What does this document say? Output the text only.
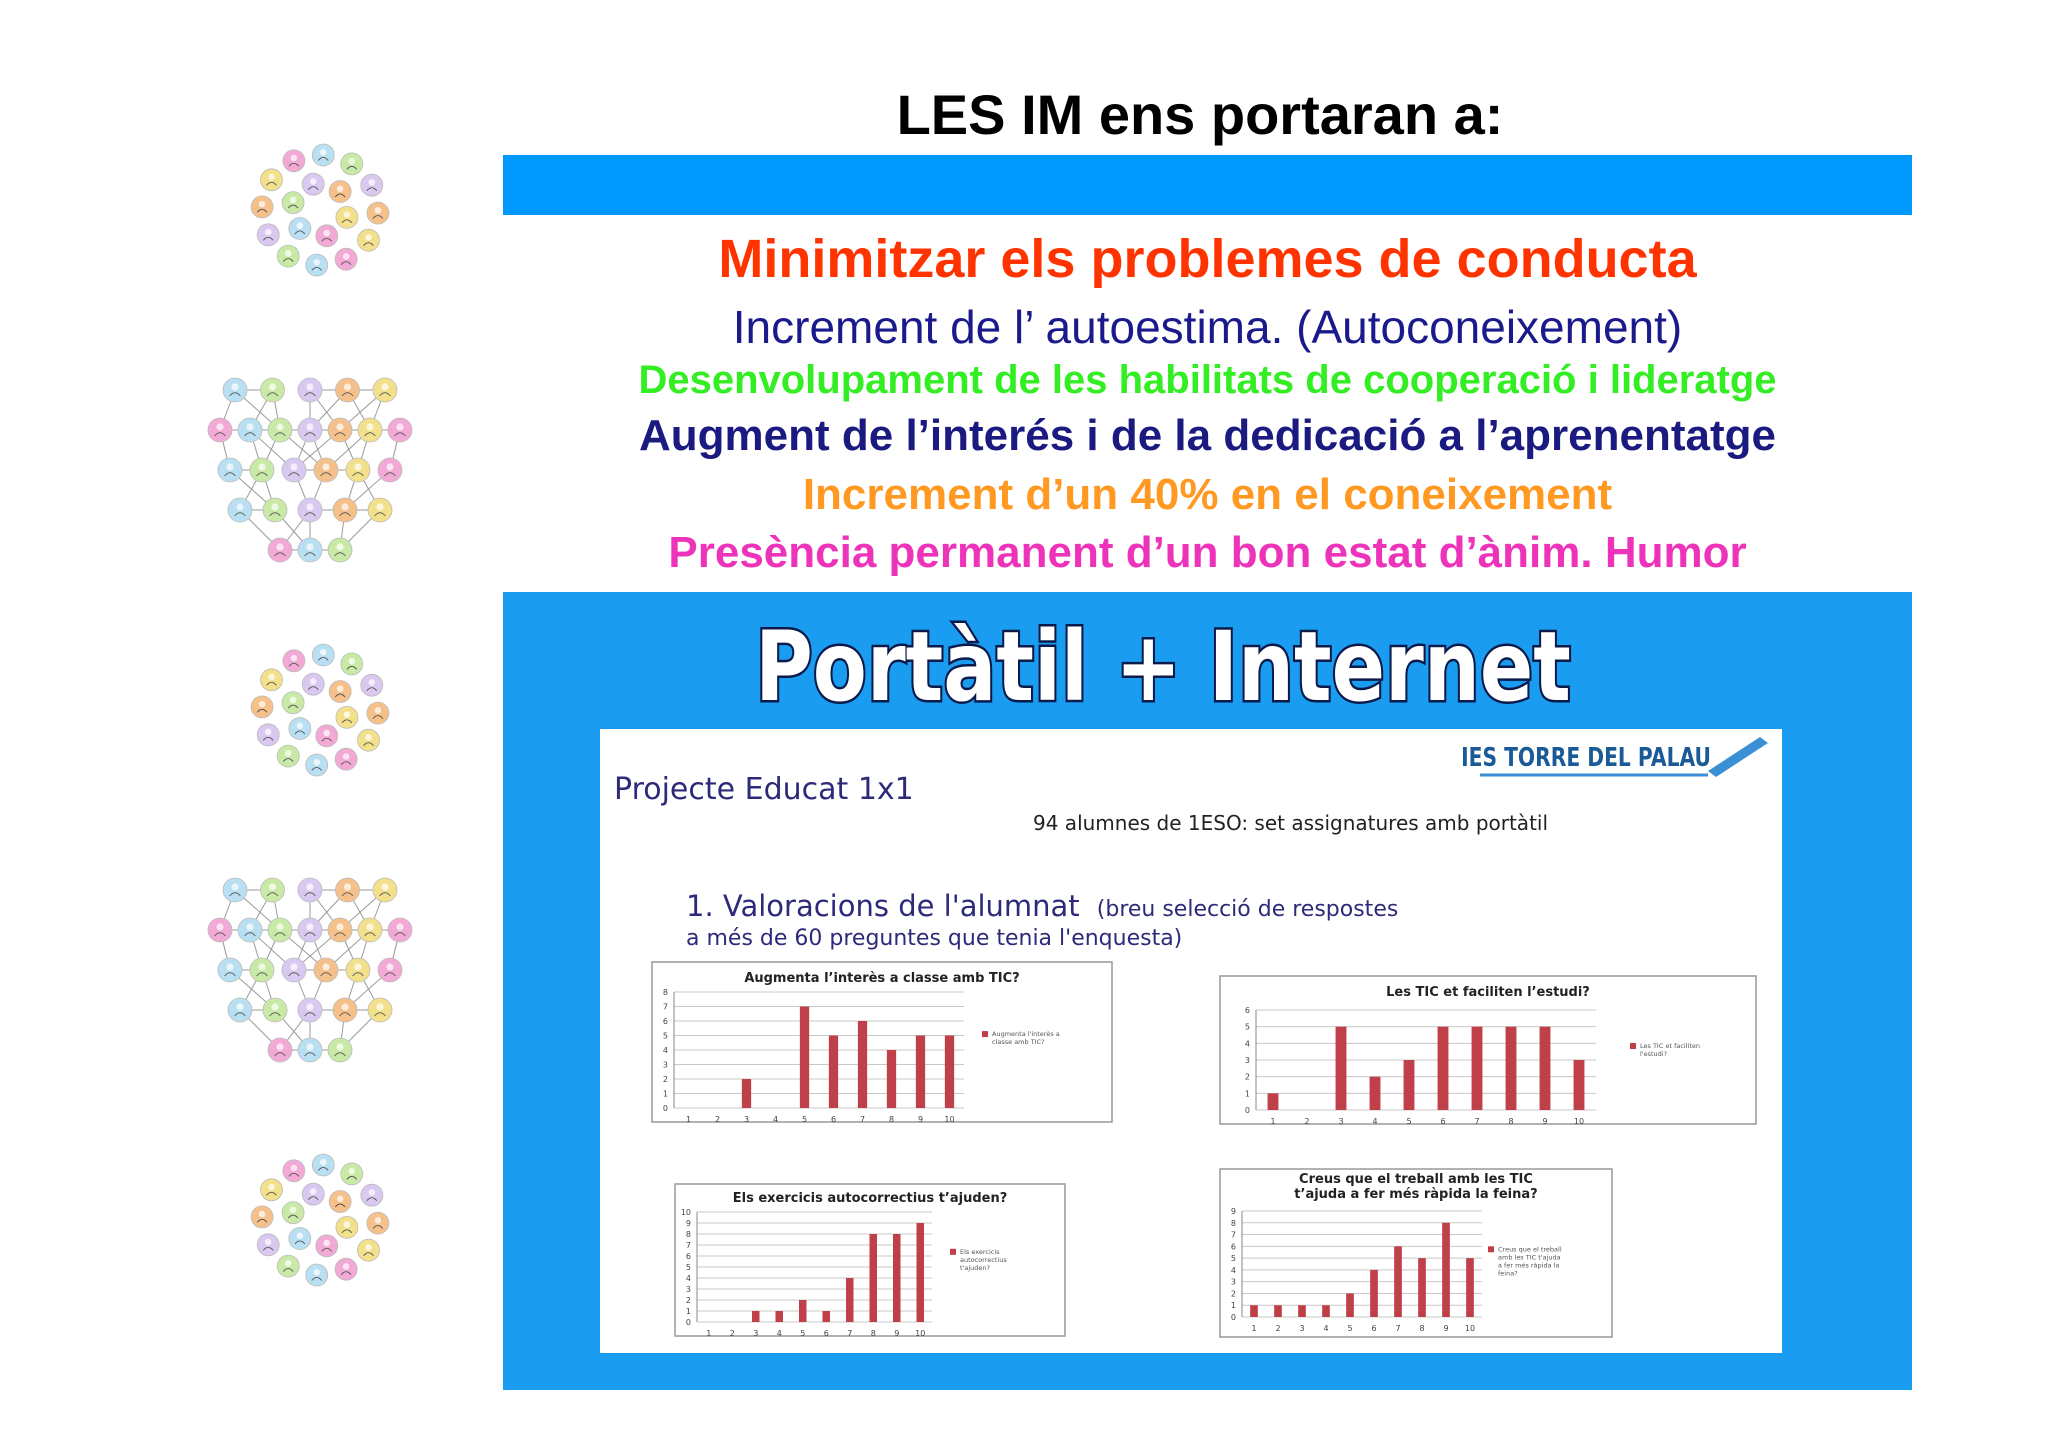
LES IM ens portaran a:
Minimitzar els problemes de conducta
Increment de l’ autoestima. (Autoconeixement)
Desenvolupament de les habilitats de cooperació i lideratge
Augment de l’interés i de la dedicació a l’aprenentatge
Increment d’un 40% en el coneixement
Presència permanent d’un bon estat d’ànim. Humor
Portàtil + Internet
IES TORRE DEL PALAU
Projecte Educat 1x1
94 alumnes de 1ESO: set assignatures amb portàtil
1. Valoracions de l'alumnat (breu selecció de respostes
a més de 60 preguntes que tenia l'enquesta)
Augmenta l’interès a classe amb TIC?
0
1
2
3
4
5
6
7
8
1	2	3	4	5	6	7	8	9	10
Augmenta l'interès a classe amb TIC?
Les TIC et faciliten l’estudi?
0
1
2
3
4
5
6
1	2	3	4	5	6	7	8	9	10
Les TIC et faciliten l'estudi?
Els exercicis autocorrectius t’ajuden?
0
1
2
3
4
5
6
7
8
9
10
1 2 3 4 5 6 7 8 9 10
Els exercicis autocorrectius t'ajuden?
Creus que el treball amb les TIC t’ajuda a fer més ràpida la feina?
0
1
2
3
4
5
6
7
8
9
1 2 3 4 5 6 7 8 9 10
Creus que el treball amb les TIC t'ajuda a fer més ràpida la feina?
